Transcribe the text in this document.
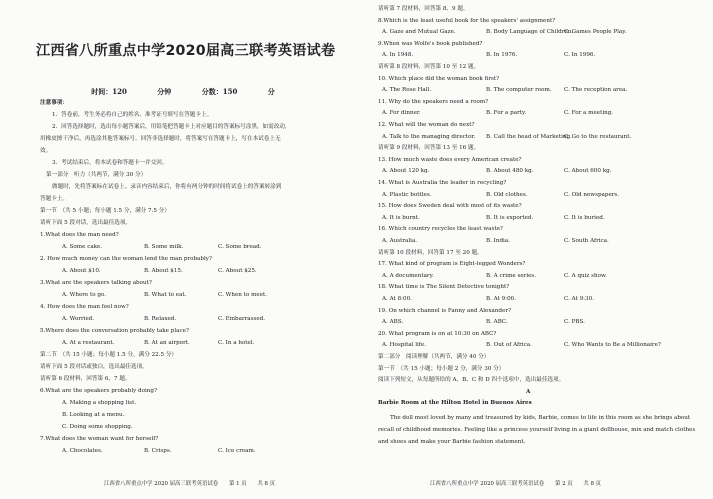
江西省八所重点中学2020届高三联考英语试卷
时间：120 分钟	分数：150 分
注意事项：
1．答卷前，考生务必将自己的姓名、准考证号填写在答题卡上。
2．回答选择题时，选出每小题答案后，用铅笔把答题卡上对应题目的答案标号涂黑，如需改动，
用橡皮擦干净后，再选涂其他答案标号。回答非选择题时，将答案写在答题卡上，写在本试卷上无
效。
3．考试结束后，将本试卷和答题卡一并交回。
第一部分　听力（共两节，满分 30 分）
做题时，先将答案标在试卷上。录音内容结束后，你将有两分钟的时间将试卷上的答案转涂到
答题卡上。
第一节　（共 5 小题；每小题 1.5 分，满分 7.5 分）
请听下面 5 段对话，选出最佳选项。
1.What does the man need?
A. Some cake.	B. Some milk.	C. Some bread.
2. How much money can the woman lend the man probably?
A. About $10.	B. About $15.	C. About $25.
3.What are the speakers talking about?
A. Where to go.	B. What to eat.	C. When to meet.
4. How does the man feel now?
A. Worried.	B. Relaxed.	C. Embarrassed.
5.Where does the conversation probably take place?
A. At a restaurant.	B. At an airport.	C. In a hotel.
第二节　（共 15 小题；每小题 1.5 分，满分 22.5 分）
请听下面 5 段对话或独白，选出最佳选项。
请听第 6 段材料，回答第 6、7 题。
6.What are the speakers probably doing?
A. Making a shopping list.
B. Looking at a menu.
C. Doing some shopping.
7.What does the woman want for herself?
A. Chocolates.	B. Crisps.	C. Ice cream.
请听第 7 段材料，回答第 8、9 题。
8.Which is the least useful book for the speakers' assignment?
A. Gaze and Mutual Gaze.	B. Body Language of Children.
C. Games People Play.
9.When was Wolfe's book published?
A. In 1948.	B. In 1976.	C. In 1996.
请听第 8 段材料，回答第 10 至 12 题。
10. Which place did the woman book first?
A. The Rose Hall.	B. The computer room. C. The reception area.
11. Why do the speakers need a room?
A. For dinner.	B. For a party.	C. For a meeting.
12. What will the woman do next?
A. Talk to the managing director. B. Call the head of Marketing.
C. Go to the restaurant.
请听第 9 段材料，回答第 13 至 16 题。
13. How much waste does every American create?
A. About 120 kg.	B. About 480 kg.	C. About 600 kg.
14. What is Australia the leader in recycling?
A. Plastic bottles.	B. Old clothes.	C. Old newspapers.
15. How does Sweden deal with most of its waste?
A. It is burnt.	B. It is exported.	C. It is buried.
16. Which country recycles the least waste?
A. Australia.	B. India.	C. South Africa.
请听第 10 段材料，回答第 17 至 20 题。
17. What kind of program is Eight-legged Wonders?
A. A documentary.	B. A crime series.	C. A quiz show.
18. What time is The Silent Detective tonight?
A. At 8:00.	B. At 9:00.	C. At 9:30.
19. On which channel is Fanny and Alexander?
A. ABS.	B. ABC.	C. PBS.
20. What program is on at 10:30 on ABC?
A. Hospital life.	B. Out of Africa.	C. Who Wants to Be a Millionaire?
第二部分　阅读理解（共两节，满分 40 分）
第一节　（共 15 小题；每小题 2 分，满分 30 分）
阅读下列短文，从每题所给的 A、B、C 和 D 四个选项中，选出最佳选项。
A
Barbie Room at the Hilton Hotel in Buenos Aires
The doll most loved by many and treasured by kids, Barbie, comes to life in this room as she brings about recall of childhood memories. Feeling like a princess yourself living in a giant dollhouse, mix and match clothes and shoes and make your Barbie fashion statement.
江西省八所重点中学 2020 届高三联考英语试卷　　第 1 页　　共 8 页	江西省八所重点中学 2020 届高三联考英语试卷　　第 2 页　　共 8 页
